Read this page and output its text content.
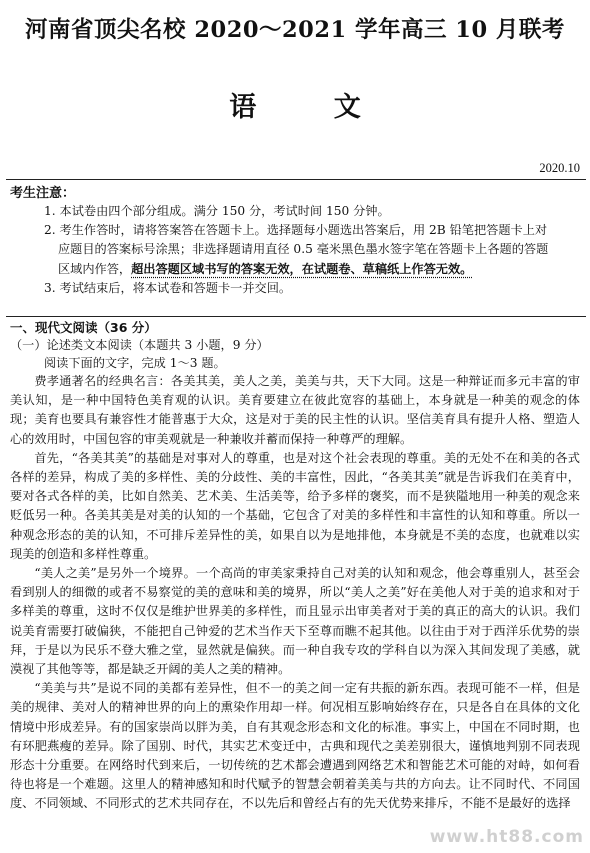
河南省顶尖名校 2020～2021 学年高三 10 月联考
语 文
2020.10
考生注意：

1. 本试卷由四个部分组成。满分 150 分，考试时间 150 分钟。

2. 考生作答时，请将答案答在答题卡上。选择题每小题选出答案后，用 2B 铅笔把答题卡上对
应题目的答案标号涂黑；非选择题请用直径 0.5 毫米黑色墨水签字笔在答题卡上各题的答题

区域内作答，超出答题区域书写的答案无效，在试题卷、草稿纸上作答无效。

3. 考试结束后，将本试卷和答题卡一并交回。

一、现代文阅读（36 分）
（一）论述类文本阅读（本题共 3 小题，9 分）
阅读下面的文字，完成 1～3 题。

费孝通著名的经典名言：各美其美，美人之美，美美与共，天下大同。这是一种辩证而多元丰富的审美认知，是一种中国特色美育观的认识。美育要建立在彼此宽容的基础上，本身就是一种美的观念的体现；美育也要具有兼容性才能普惠于大众，这是对于美的民主性的认识。坚信美育具有提升人格、塑造人心的效用时，中国包容的审美观就是一种兼收并蓄而保持一种尊严的理解。

首先，“各美其美”的基础是对事对人的尊重，也是对这个社会表现的尊重。美的无处不在和美的各式各样的差异，构成了美的多样性、美的分歧性、美的丰富性，因此，“各美其美”就是告诉我们在美育中，要对各式各样的美，比如自然美、艺术美、生活美等，给予多样的褒奖，而不是狭隘地用一种美的观念来贬低另一种。各美其美是对美的认知的一个基础，它包含了对美的多样性和丰富性的认知和尊重。所以一种观念形态的美的认知，不可排斥差异性的美，如果自以为是地排他，本身就是不美的态度，也就难以实现美的创造和多样性尊重。

“美人之美”是另外一个境界。一个高尚的审美家秉持自己对美的认知和观念，他会尊重别人，甚至会看到别人的细微的或者不易察觉的美的意味和美的境界，所以“美人之美”好在美他人对于美的追求和对于多样美的尊重，这时不仅仅是维护世界美的多样性，而且显示出审美者对于美的真正的高大的认识。我们说美育需要打破偏狭，不能把自己钟爱的艺术当作天下至尊而瞧不起其他。以往由于对于西洋乐优势的崇拜，于是以为民乐不登大雅之堂，显然就是偏狭。而一种自我专攻的学科自以为深入其间发现了美感，就漠视了其他等等，都是缺乏开阔的美人之美的精神。

“美美与共”是说不同的美都有差异性，但不一的美之间一定有共振的新东西。表现可能不一样，但是美的规律、美对人的精神世界的向上的熏染作用却一样。何况相互影响始终存在，只是各自在具体的文化情境中形成差异。有的国家崇尚以胖为美，自有其观念形态和文化的标准。事实上，中国在不同时期，也有环肥燕瘦的差异。除了国别、时代，其实艺术变迁中，古典和现代之美差别很大，谨慎地判别不同表现形态十分重要。在网络时代到来后，一切传统的艺术都会遭遇到网络艺术和智能艺术可能的对峙，如何看待也将是一个难题。这里人的精神感知和时代赋予的智慧会朝着美美与共的方向去。让不同时代、不同国度、不同领域、不同形式的艺术共同存在，不以先后和曾经占有的先天优势来排斥，不能不是最好的选择

www.ht88.com
